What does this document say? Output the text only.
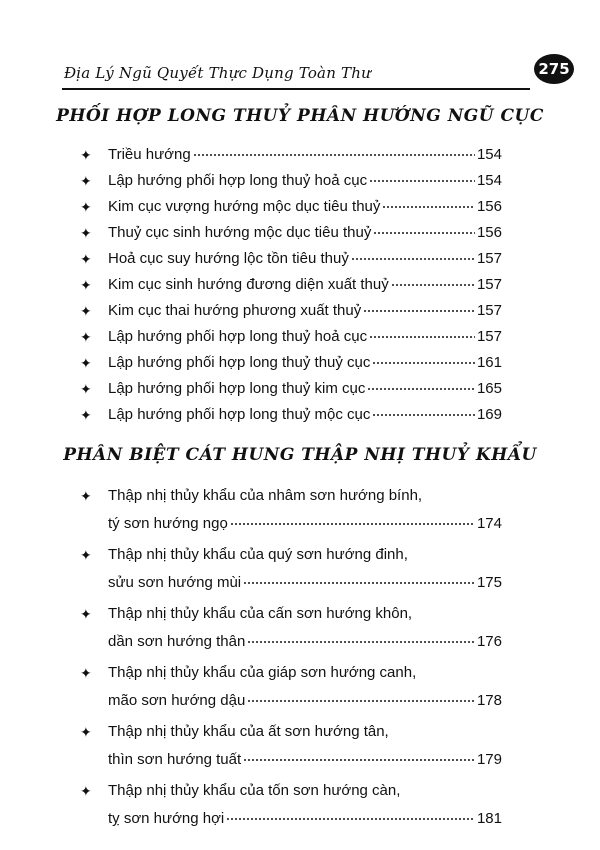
Địa Lý Ngũ Quyết Thực Dụng Toàn Thư	275
PHỐI HỢP LONG THUỶ PHÂN HƯỚNG NGŨ CỤC
✦ Triều hướng	154
✦ Lập hướng phối hợp long thuỷ hoả cục	154
✦ Kim cục vượng hướng mộc dục tiêu thuỷ	156
✦ Thuỷ cục sinh hướng mộc dục tiêu thuỷ	156
✦ Hoả cục suy hướng lộc tồn tiêu thuỷ	157
✦ Kim cục sinh hướng đương diện xuất thuỷ	157
✦ Kim cục thai hướng phương xuất thuỷ	157
✦ Lập hướng phối hợp long thuỷ hoả cục	157
✦ Lập hướng phối hợp long thuỷ thuỷ cục	161
✦ Lập hướng phối hợp long thuỷ kim cục	165
✦ Lập hướng phối hợp long thuỷ mộc cục	169
PHÂN BIỆT CÁT HUNG THẬP NHỊ THUỶ KHẨU
✦ Thập nhị thủy khẩu của nhâm sơn hướng bính,
tý sơn hướng ngọ	174
✦ Thập nhị thủy khẩu của quý sơn hướng đinh,
sửu sơn hướng mùi	175
✦ Thập nhị thủy khẩu của cấn sơn hướng khôn,
dần sơn hướng thân	176
✦ Thập nhị thủy khẩu của giáp sơn hướng canh,
mão sơn hướng dậu	178
✦ Thập nhị thủy khẩu của ất sơn hướng tân,
thìn sơn hướng tuất	179
✦ Thập nhị thủy khẩu của tốn sơn hướng càn,
tỵ sơn hướng hợi	181
